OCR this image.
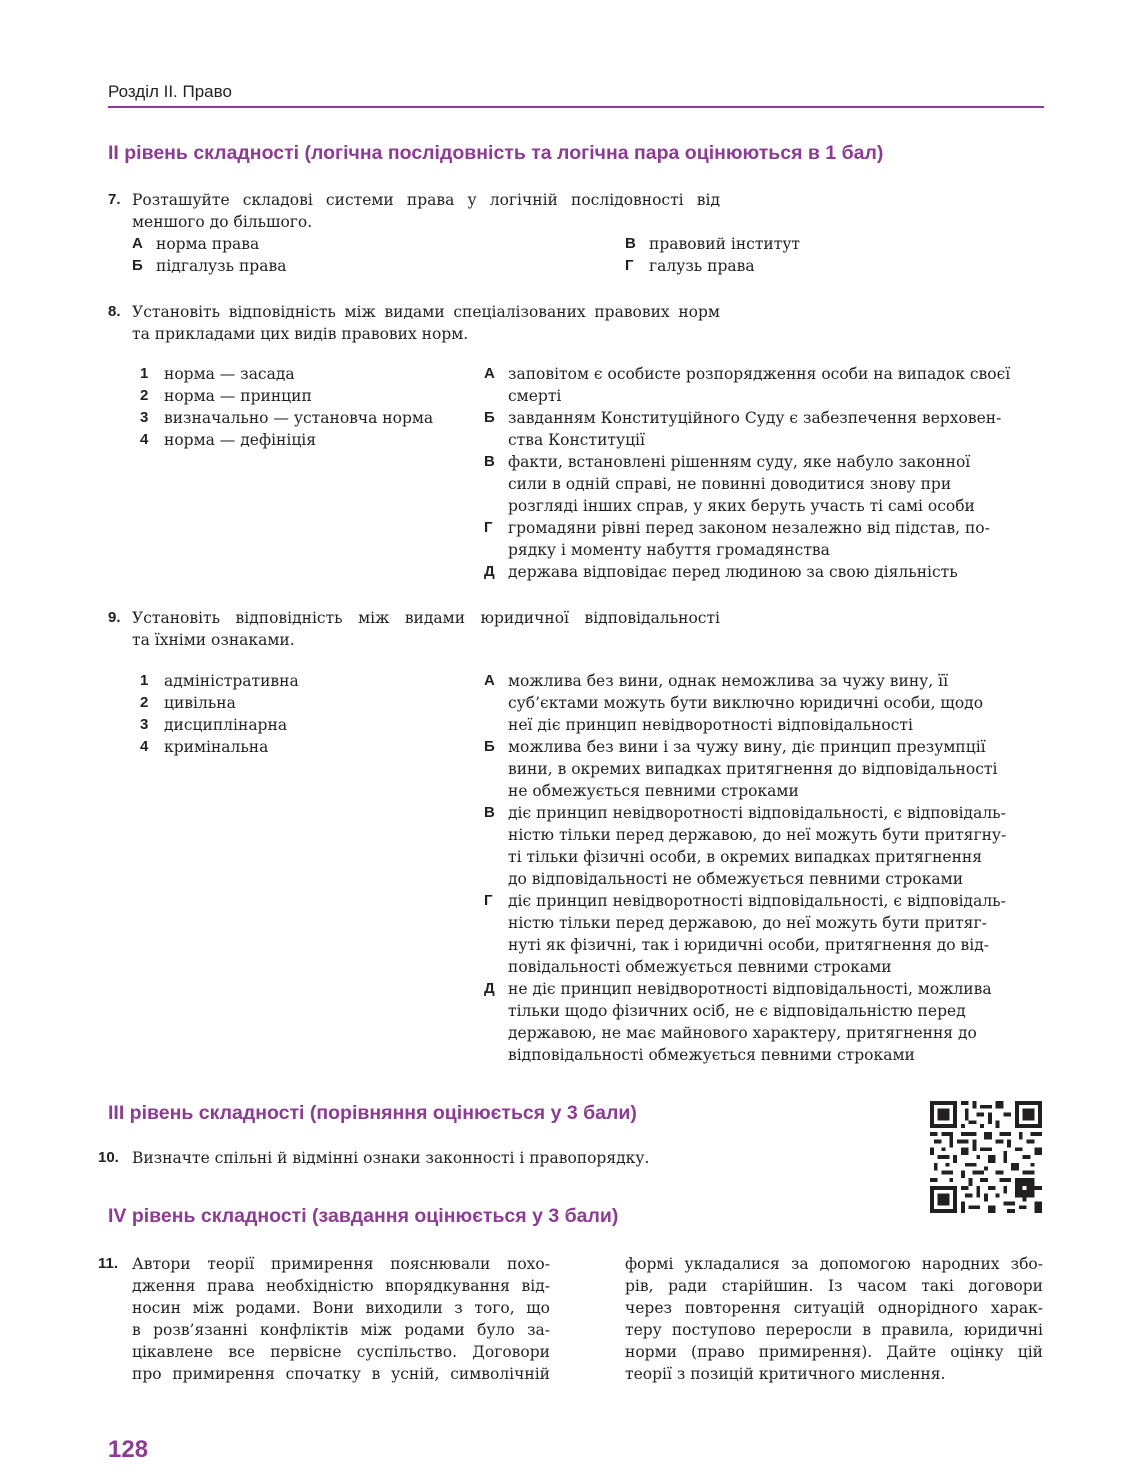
Розділ ІІ. Право
ІІ рівень складності (логічна послідовність та логічна пара оцінюються в 1 бал)
7. Розташуйте складові системи права у логічній послідовності від
меншого до більшого.
А норма права
Б підгалузь права
В правовий інститут
Г галузь права
8. Установіть відповідність між видами спеціалізованих правових норм
та прикладами цих видів правових норм.
1 норма — засада
2 норма — принцип
3 визначально — установча норма
4 норма — дефініція
А заповітом є особисте розпорядження особи на випадок своєї
смерті
Б завданням Конституційного Суду є забезпечення верховен-
ства Конституції
В факти, встановлені рішенням суду, яке набуло законної
сили в одній справі, не повинні доводитися знову при
розгляді інших справ, у яких беруть участь ті самі особи
Г громадяни рівні перед законом незалежно від підстав, по-
рядку і моменту набуття громадянства
Д держава відповідає перед людиною за свою діяльність
9. Установіть відповідність між видами юридичної відповідальності
та їхніми ознаками.
1 адміністративна
2 цивільна
3 дисциплінарна
4 кримінальна
А можлива без вини, однак неможлива за чужу вину, її
суб’єктами можуть бути виключно юридичні особи, щодо
неї діє принцип невідворотності відповідальності
Б можлива без вини і за чужу вину, діє принцип презумпції
вини, в окремих випадках притягнення до відповідальності
не обмежується певними строками
В діє принцип невідворотності відповідальності, є відповідаль-
ністю тільки перед державою, до неї можуть бути притягну-
ті тільки фізичні особи, в окремих випадках притягнення
до відповідальності не обмежується певними строками
Г діє принцип невідворотності відповідальності, є відповідаль-
ністю тільки перед державою, до неї можуть бути притяг-
нуті як фізичні, так і юридичні особи, притягнення до від-
повідальності обмежується певними строками
Д не діє принцип невідворотності відповідальності, можлива
тільки щодо фізичних осіб, не є відповідальністю перед
державою, не має майнового характеру, притягнення до
відповідальності обмежується певними строками
ІІІ рівень складності (порівняння оцінюється у 3 бали)
10. Визначте спільні й відмінні ознаки законності і правопорядку.
IV рівень складності (завдання оцінюється у 3 бали)
11. Автори теорії примирення пояснювали похо-
дження права необхідністю впорядкування від-
носин між родами. Вони виходили з того, що
в розв’язанні конфліктів між родами було за-
цікавлене все первісне суспільство. Договори
про примирення спочатку в усній, символічній
формі укладалися за допомогою народних збо-
рів, ради старійшин. Із часом такі договори
через повторення ситуацій однорідного харак-
теру поступово переросли в правила, юридичні
норми (право примирення). Дайте оцінку цій
теорії з позицій критичного мислення.
128
